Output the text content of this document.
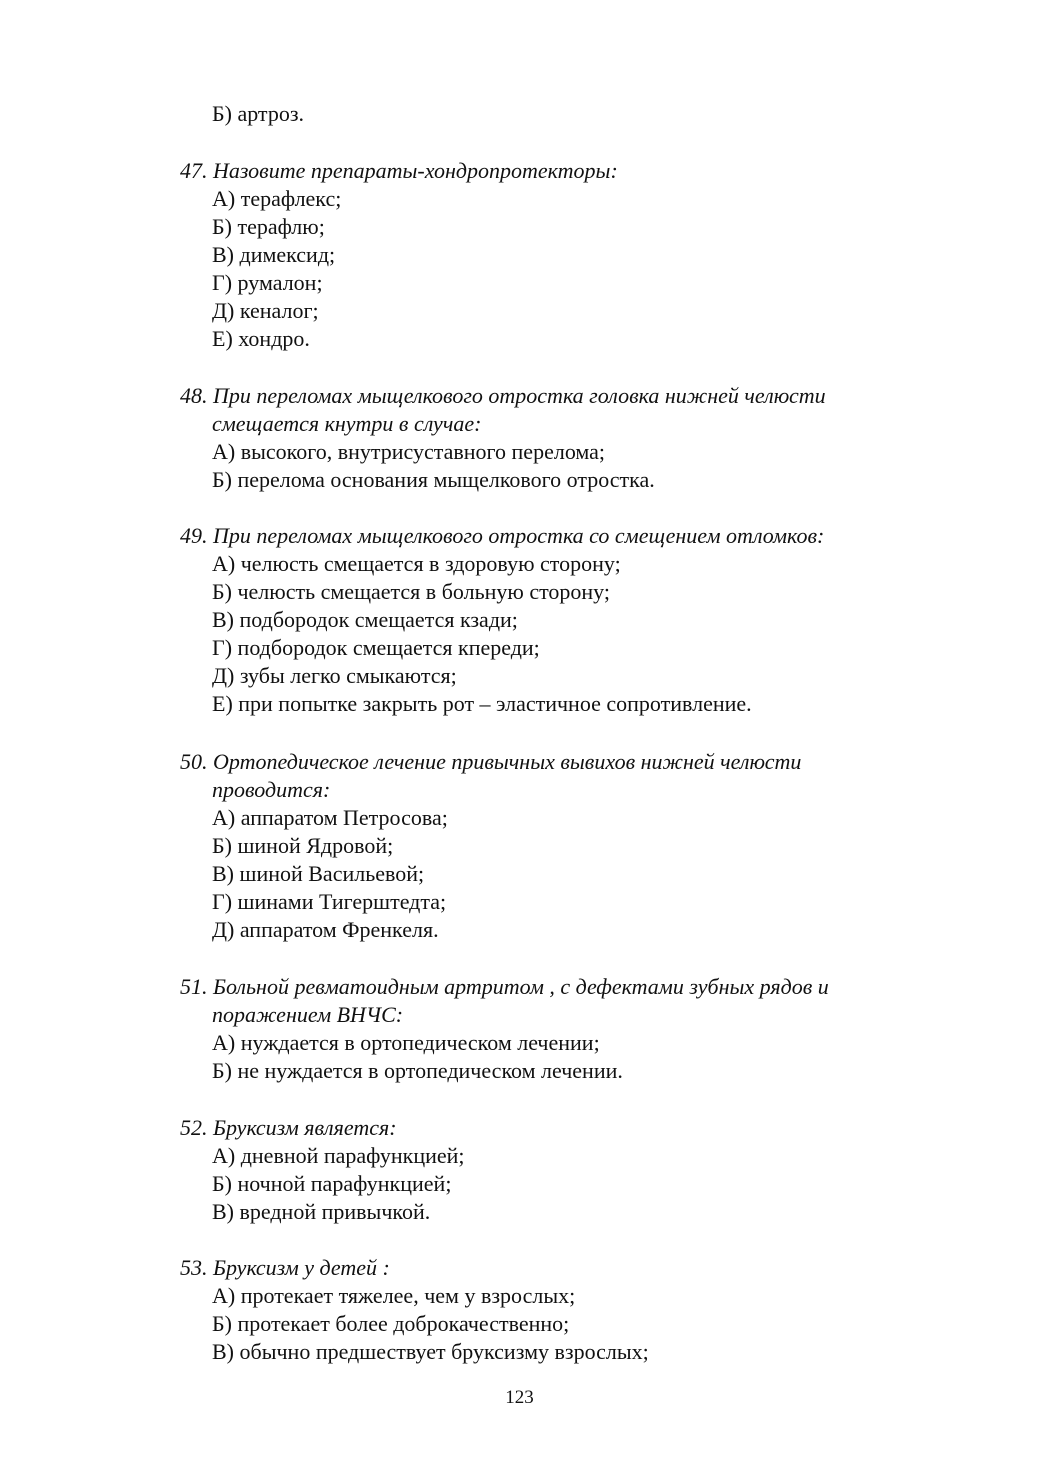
Б) артроз.
47. Назовите препараты-хондропротекторы:
А) терафлекс;
Б) терафлю;
В) димексид;
Г) румалон;
Д) кеналог;
Е) хондро.
48. При переломах мыщелкового отростка головка нижней челюсти
смещается кнутри в случае:
А) высокого, внутрисуставного перелома;
Б) перелома основания мыщелкового отростка.
49. При переломах мыщелкового отростка со смещением отломков:
А) челюсть смещается в здоровую сторону;
Б) челюсть смещается в больную сторону;
В) подбородок смещается кзади;
Г) подбородок смещается кпереди;
Д) зубы легко смыкаются;
Е) при попытке закрыть рот – эластичное сопротивление.
50. Ортопедическое лечение привычных вывихов нижней челюсти
проводится:
А) аппаратом Петросова;
Б) шиной Ядровой;
В) шиной Васильевой;
Г) шинами Тигерштедта;
Д) аппаратом Френкеля.
51. Больной ревматоидным артритом , с дефектами зубных рядов и
поражением ВНЧС:
А) нуждается в ортопедическом лечении;
Б) не нуждается в ортопедическом лечении.
52. Бруксизм является:
А) дневной парафункцией;
Б) ночной парафункцией;
В) вредной привычкой.
53. Бруксизм у детей :
А) протекает тяжелее, чем у взрослых;
Б) протекает более доброкачественно;
В) обычно предшествует бруксизму взрослых;
123
